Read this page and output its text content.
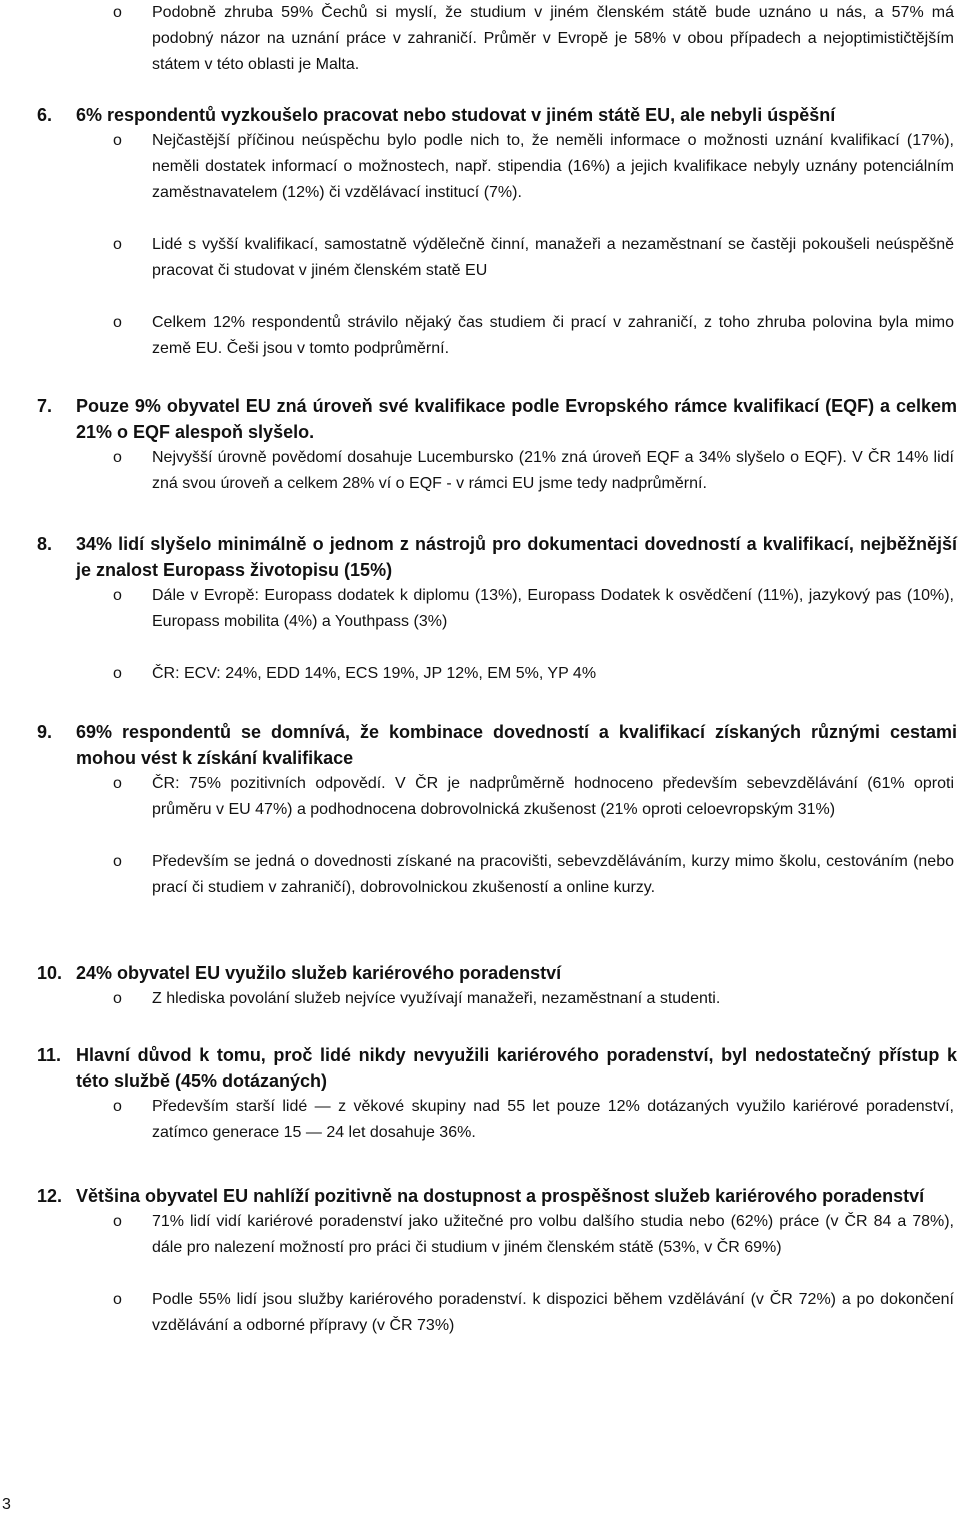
o	Podobně zhruba 59% Čechů si myslí, že studium v jiném členském státě bude uznáno u nás, a 57% má podobný názor na uznání práce v zahraničí. Průměr v Evropě je 58% v obou případech a nejoptimističtějším státem v této oblasti je Malta.
6.	6% respondentů vyzkoušelo pracovat nebo studovat v jiném státě EU, ale nebyli úspěšní
o	Nejčastější příčinou neúspěchu bylo podle nich to, že neměli informace o možnosti uznání kvalifikací (17%), neměli dostatek informací o možnostech, např. stipendia (16%) a jejich kvalifikace nebyly uznány potenciálním zaměstnavatelem (12%) či vzdělávací institucí (7%).
o	Lidé s vyšší kvalifikací, samostatně výdělečně činní, manažeři a nezaměstnaní se častěji pokoušeli neúspěšně pracovat či studovat v jiném členském statě EU
o	Celkem 12% respondentů strávilo nějaký čas studiem či prací v zahraničí, z toho zhruba polovina byla mimo země EU. Češi jsou v tomto podprůměrní.
7.	Pouze 9% obyvatel EU zná úroveň své kvalifikace podle Evropského rámce kvalifikací (EQF) a celkem 21% o EQF alespoň slyšelo.
o	Nejvyšší úrovně povědomí dosahuje Lucembursko (21% zná úroveň EQF a 34% slyšelo o EQF). V ČR 14% lidí zná svou úroveň a celkem 28% ví o EQF - v rámci EU jsme tedy nadprůměrní.
8.	34% lidí slyšelo minimálně o jednom z nástrojů pro dokumentaci dovedností a kvalifikací, nejběžnější je znalost Europass životopisu (15%)
o	Dále v Evropě: Europass dodatek k diplomu (13%), Europass Dodatek k osvědčení (11%), jazykový pas (10%), Europass mobilita (4%) a Youthpass (3%)
o	ČR: ECV: 24%, EDD 14%, ECS 19%, JP 12%, EM 5%, YP 4%
9.	69% respondentů se domnívá, že kombinace dovedností a kvalifikací získaných různými cestami mohou vést k získání kvalifikace
o	ČR: 75% pozitivních odpovědí. V ČR je nadprůměrně hodnoceno především sebevzdělávání (61% oproti průměru v EU 47%) a podhodnocena dobrovolnická zkušenost (21% oproti celoevropským 31%)
o	Především se jedná o dovednosti získané na pracovišti, sebevzděláváním, kurzy mimo školu, cestováním (nebo prací či studiem v zahraničí), dobrovolnickou zkušeností a online kurzy.
10. 24% obyvatel EU využilo služeb kariérového poradenství
o	Z hlediska povolání služeb nejvíce využívají manažeři, nezaměstnaní a studenti.
11. Hlavní důvod k tomu, proč lidé nikdy nevyužili kariérového poradenství, byl nedostatečný přístup k této službě (45% dotázaných)
o	Především starší lidé — z věkové skupiny nad 55 let pouze 12% dotázaných využilo kariérové poradenství, zatímco generace 15 — 24 let dosahuje 36%.
12. Většina obyvatel EU nahlíží pozitivně na dostupnost a prospěšnost služeb kariérového poradenství
o	71% lidí vidí kariérové poradenství jako užitečné pro volbu dalšího studia nebo (62%) práce (v ČR 84 a 78%), dále pro nalezení možností pro práci či studium v jiném členském státě (53%, v ČR 69%)
o	Podle 55% lidí jsou služby kariérového poradenství. k dispozici během vzdělávání (v ČR 72%) a po dokončení vzdělávání a odborné přípravy (v ČR 73%)
3
